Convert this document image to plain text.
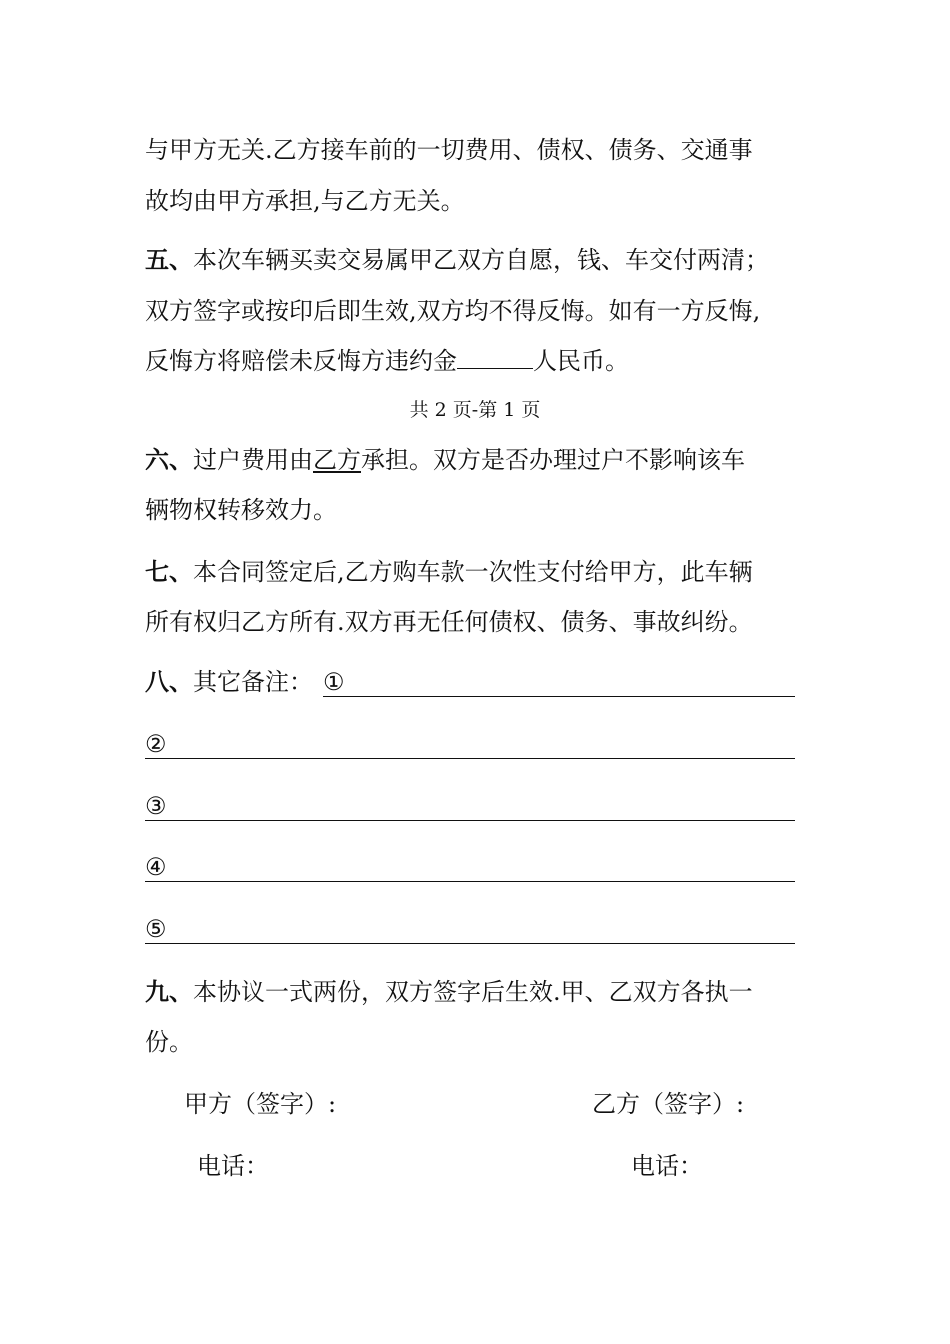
与甲方无关.乙方接车前的一切费用、债权、债务、交通事
故均由甲方承担,与乙方无关。
五、本次车辆买卖交易属甲乙双方自愿，钱、车交付两清；
双方签字或按印后即生效,双方均不得反悔。如有一方反悔,
反悔方将赔偿未反悔方违约金	人民币。
共 2 页-第 1 页
六、过户费用由乙方承担。双方是否办理过户不影响该车
辆物权转移效力。
七、本合同签定后,乙方购车款一次性支付给甲方，此车辆
所有权归乙方所有.双方再无任何债权、债务、事故纠纷。
八、其它备注： ①
②
③
④
⑤
九、本协议一式两份，双方签字后生效.甲、乙双方各执一
份。
甲方（签字）:	乙方（签字）:
电话：	电话：
